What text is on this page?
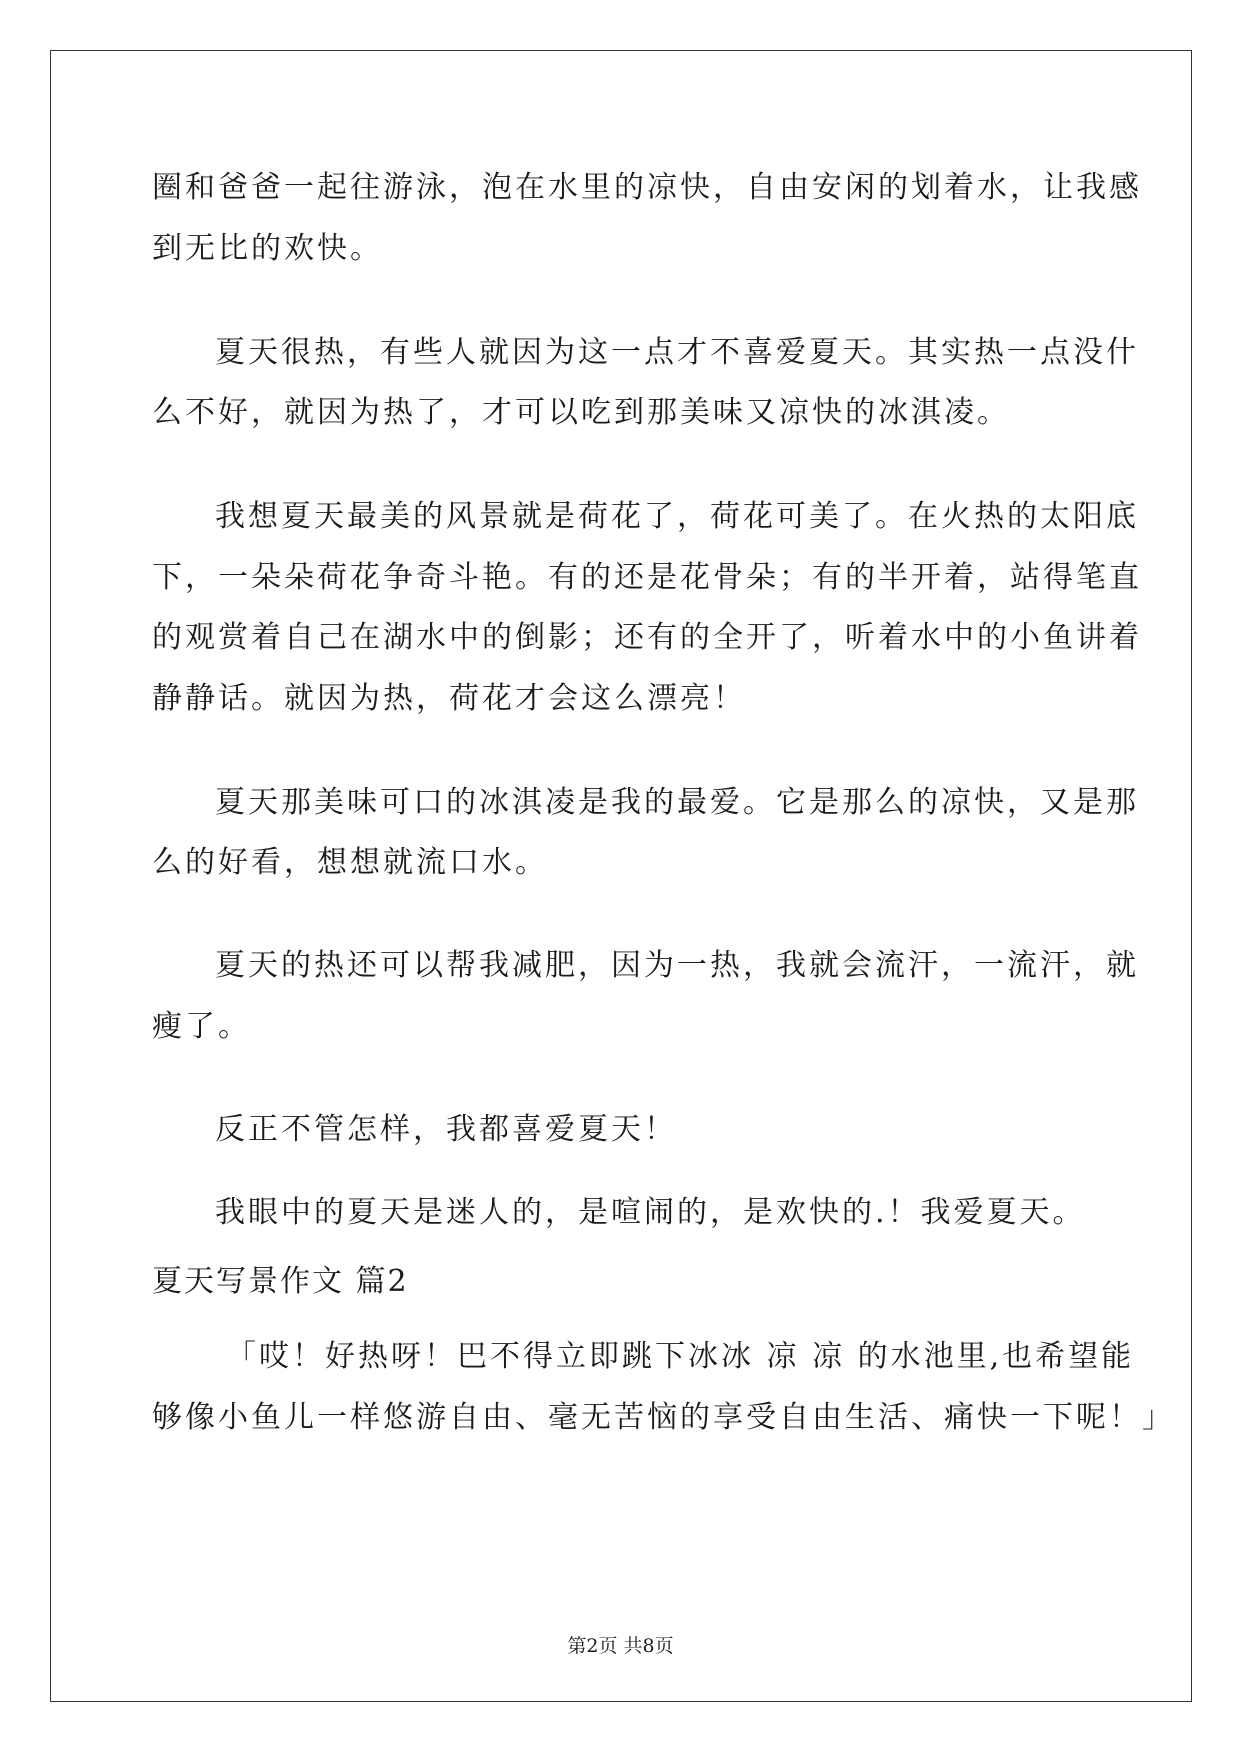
圈和爸爸一起往游泳，泡在水里的凉快，自由安闲的划着水，让我感
到无比的欢快。
夏天很热，有些人就因为这一点才不喜爱夏天。其实热一点没什
么不好，就因为热了，才可以吃到那美味又凉快的冰淇凌。
我想夏天最美的风景就是荷花了，荷花可美了。在火热的太阳底
下，一朵朵荷花争奇斗艳。有的还是花骨朵；有的半开着，站得笔直
的观赏着自己在湖水中的倒影；还有的全开了，听着水中的小鱼讲着
静静话。就因为热，荷花才会这么漂亮！
夏天那美味可口的冰淇凌是我的最爱。它是那么的凉快，又是那
么的好看，想想就流口水。
夏天的热还可以帮我减肥，因为一热，我就会流汗，一流汗，就
瘦了。
反正不管怎样，我都喜爱夏天！
我眼中的夏天是迷人的，是喧闹的，是欢快的.！我爱夏天。
夏天写景作文 篇2
「哎！好热呀！巴不得立即跳下冰冰 凉 凉 的水池里,也希望能
够像小鱼儿一样悠游自由、毫无苦恼的享受自由生活、痛快一下呢！」
第2页 共8页
